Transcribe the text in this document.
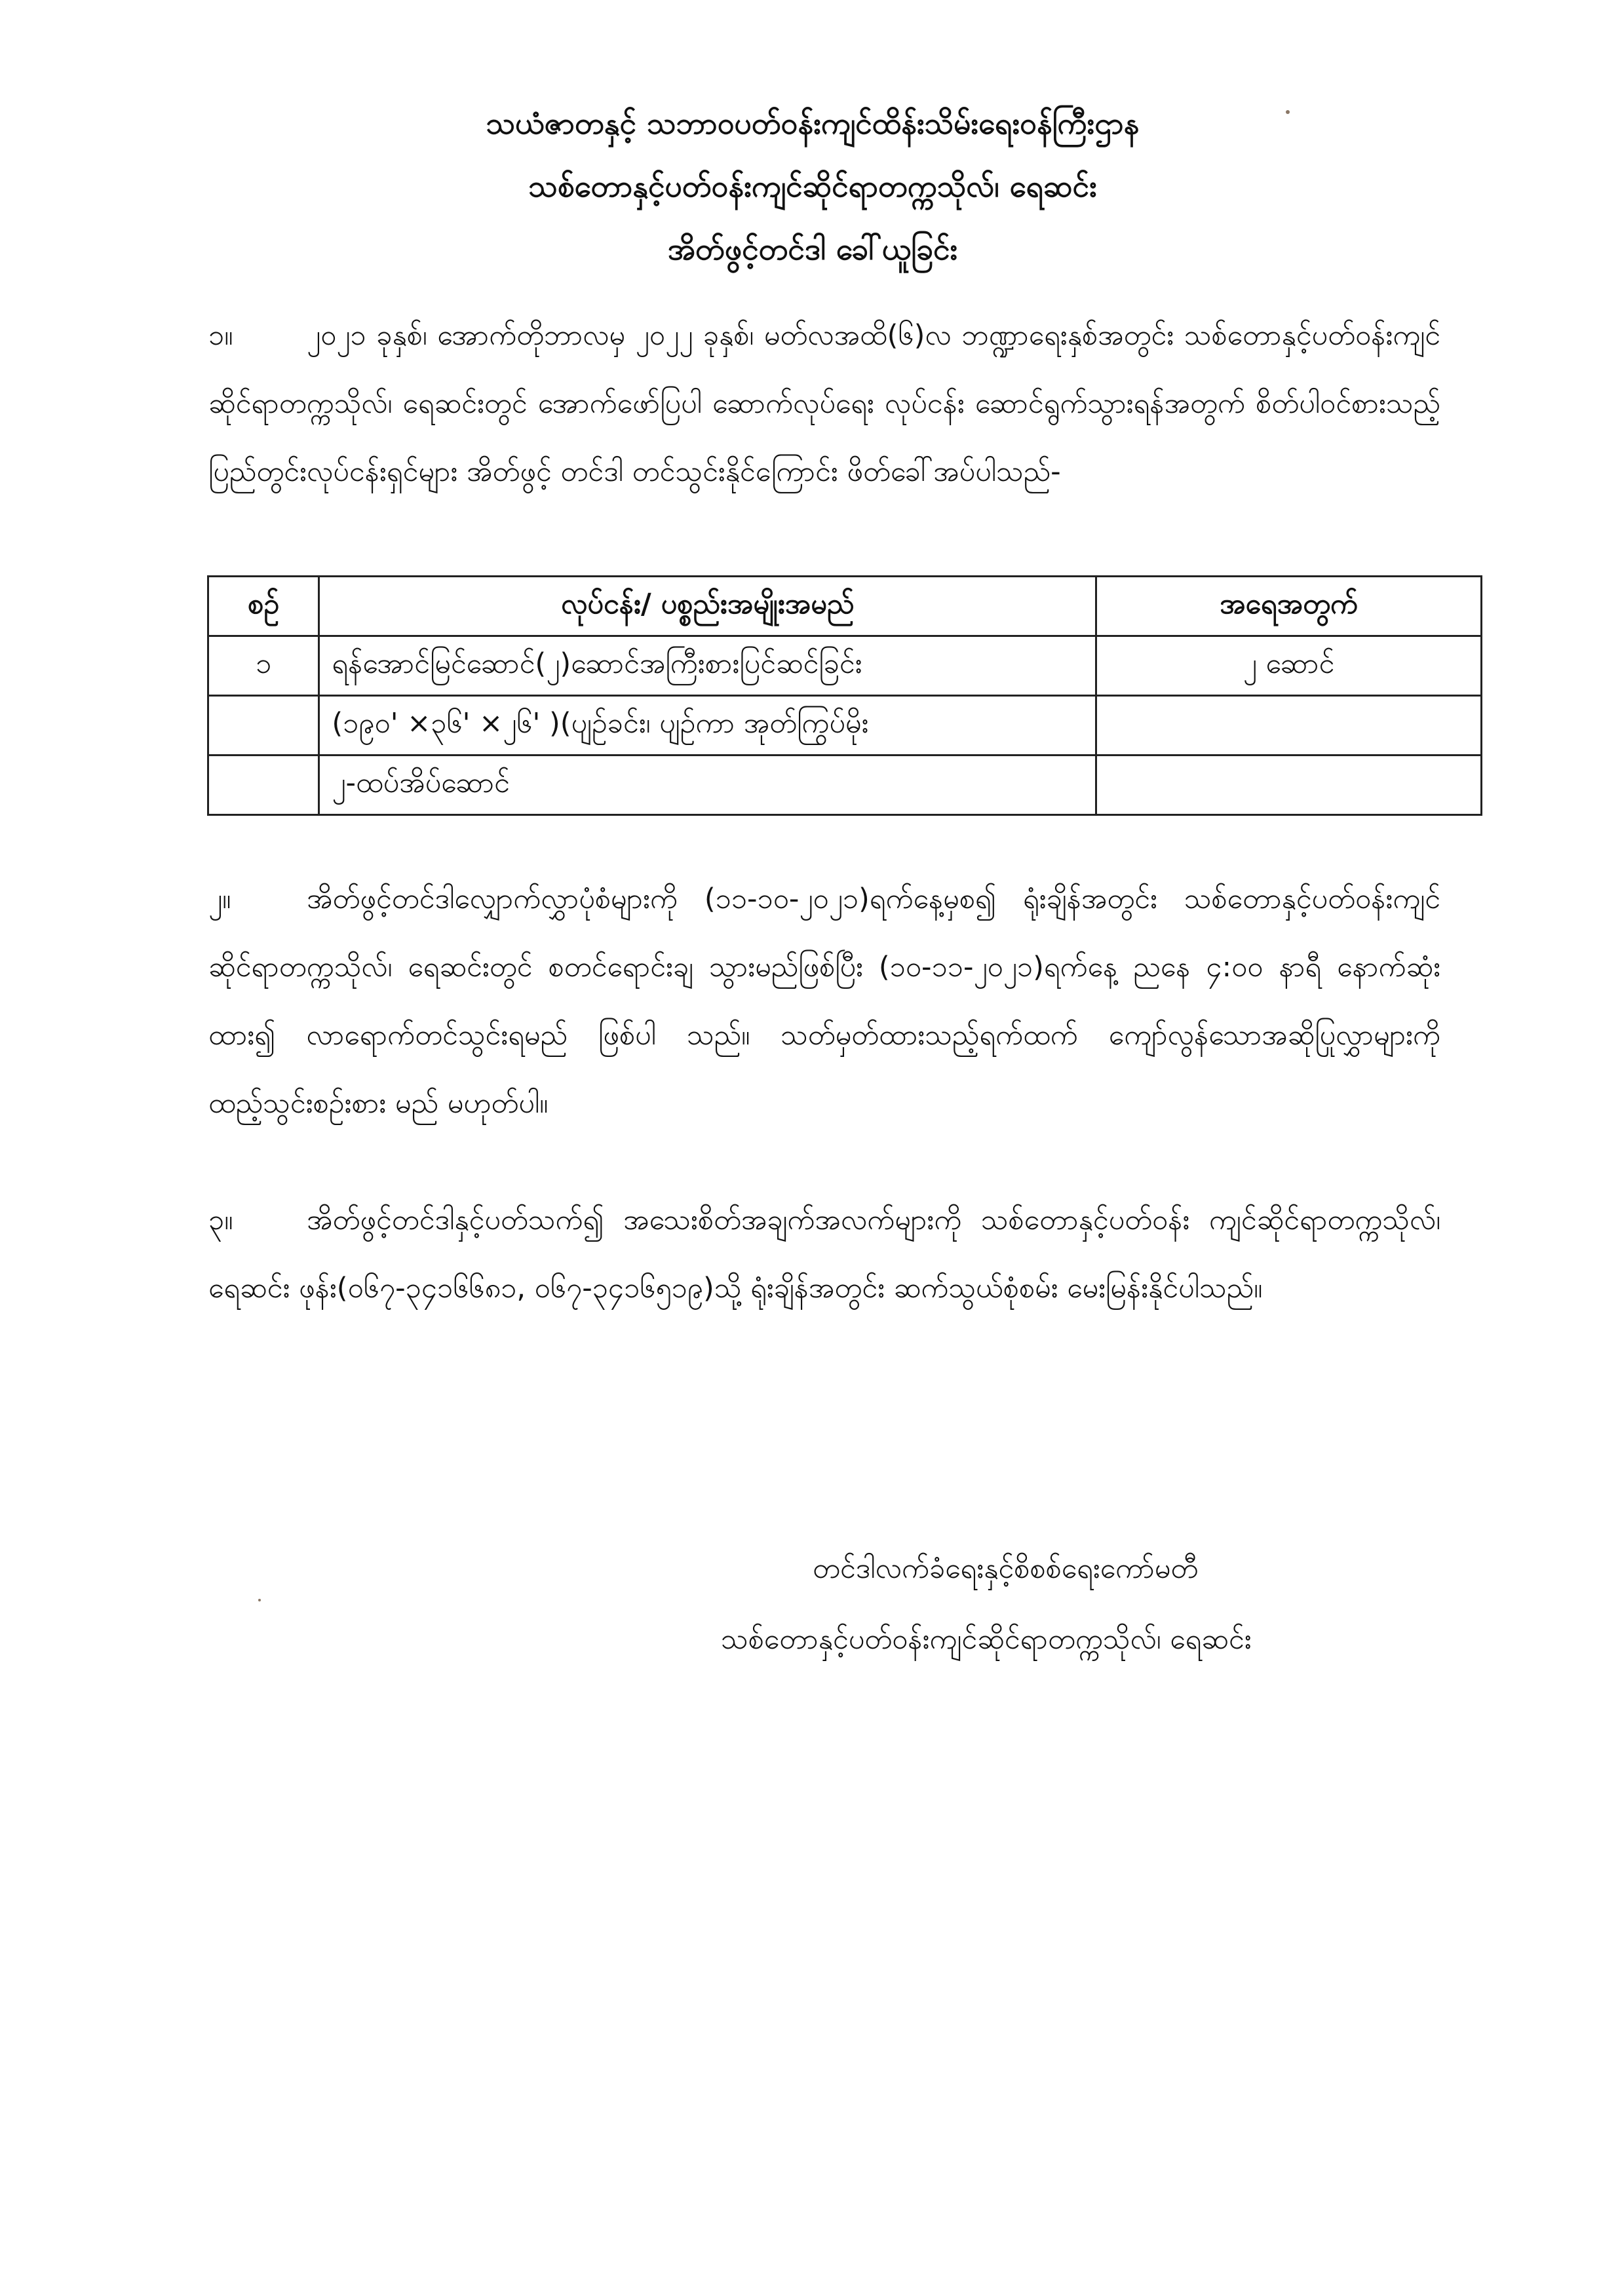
သယံဇာတနှင့် သဘာဝပတ်ဝန်းကျင်ထိန်းသိမ်းရေးဝန်ကြီးဌာန
သစ်တောနှင့်ပတ်ဝန်းကျင်ဆိုင်ရာတက္ကသိုလ်၊ ရေဆင်း
အိတ်ဖွင့်တင်ဒါ ခေါ်ယူခြင်း
၁။	၂၀၂၁ ခုနှစ်၊ အောက်တိုဘာလမှ ၂၀၂၂ ခုနှစ်၊ မတ်လအထိ(၆)လ ဘဏ္ဍာရေးနှစ်အတွင်း သစ်တောနှင့်ပတ်ဝန်းကျင်ဆိုင်ရာတက္ကသိုလ်၊ ရေဆင်းတွင် အောက်ဖော်ပြပါ ဆောက်လုပ်ရေး လုပ်ငန်း ဆောင်ရွက်သွားရန်အတွက် စိတ်ပါဝင်စားသည့် ပြည်တွင်းလုပ်ငန်းရှင်များ အိတ်ဖွင့် တင်ဒါ တင်သွင်းနိုင်ကြောင်း ဖိတ်ခေါ်အပ်ပါသည်-
စဉ်	လုပ်ငန်း/ ပစ္စည်းအမျိုးအမည်	အရေအတွက်
၁	ရန်အောင်မြင်ဆောင်(၂)ဆောင်အကြီးစားပြင်ဆင်ခြင်း	၂ ဆောင်
	(၁၉၀' ×၃၆' ×၂၆' )(ပျဉ်ခင်း၊ ပျဉ်ကာ အုတ်ကြွပ်မိုး	
	၂-ထပ်အိပ်ဆောင်	
၂။	အိတ်ဖွင့်တင်ဒါလျှောက်လွှာပုံစံများကို (၁၁-၁၀-၂၀၂၁)ရက်နေ့မှစ၍ ရုံးချိန်အတွင်း သစ်တောနှင့်ပတ်ဝန်းကျင်ဆိုင်ရာတက္ကသိုလ်၊ ရေဆင်းတွင် စတင်ရောင်းချ သွားမည်ဖြစ်ပြီး (၁၀-၁၁-၂၀၂၁)ရက်နေ့ ညနေ ၄:၀၀ နာရီ နောက်ဆုံးထား၍ လာရောက်တင်သွင်းရမည် ဖြစ်ပါ သည်။ သတ်မှတ်ထားသည့်ရက်ထက် ကျော်လွန်သောအဆိုပြုလွှာများကို ထည့်သွင်းစဉ်းစား မည် မဟုတ်ပါ။
၃။	အိတ်ဖွင့်တင်ဒါနှင့်ပတ်သက်၍ အသေးစိတ်အချက်အလက်များကို သစ်တောနှင့်ပတ်ဝန်း ကျင်ဆိုင်ရာတက္ကသိုလ်၊ ရေဆင်း ဖုန်း(၀၆၇-၃၄၁၆၆၈၁, ၀၆၇-၃၄၁၆၅၁၉)သို့ ရုံးချိန်အတွင်း ဆက်သွယ်စုံစမ်း မေးမြန်းနိုင်ပါသည်။
တင်ဒါလက်ခံရေးနှင့်စိစစ်ရေးကော်မတီ
သစ်တောနှင့်ပတ်ဝန်းကျင်ဆိုင်ရာတက္ကသိုလ်၊ ရေဆင်း
